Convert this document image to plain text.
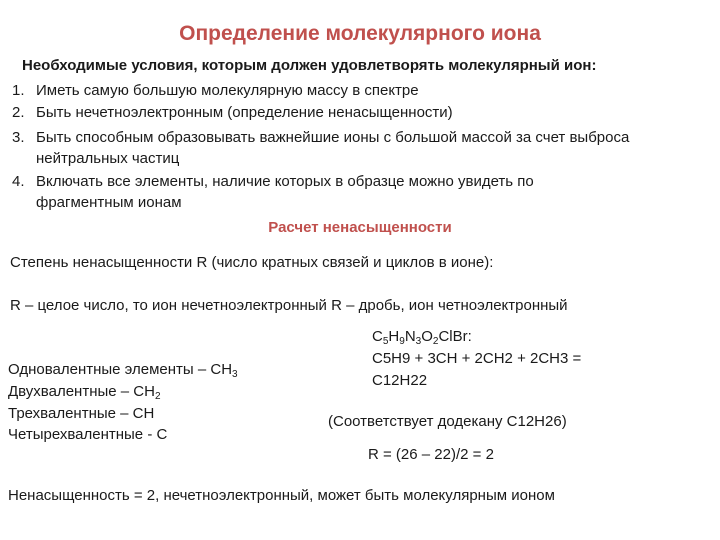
Определение молекулярного иона
Необходимые условия, которым должен удовлетворять молекулярный ион:
1. Иметь самую большую молекулярную массу в спектре
2. Быть нечетноэлектронным (определение ненасыщенности)
3. Быть способным образовывать важнейшие ионы с большой массой за счет выброса
нейтральных частиц
4. Включать все элементы, наличие которых в образце можно увидеть по
фрагментным ионам
Расчет ненасыщенности
Степень ненасыщенности R (число кратных связей и циклов в ионе):
R – целое число, то ион нечетноэлектронный R – дробь, ион четноэлектронный
$C_5H_9N_3O_2ClBr$:
C5H9 + 3CH + 2CH2 + 2CH3 =
C12H22
Одновалентные элементы – $CH_3$
Двухвалентные – $CH_2$
Трехвалентные – CH
Четырехвалентные - C
(Соответствует додекану C12H26)
R = (26 – 22)/2 = 2
Ненасыщенность = 2, нечетноэлектронный, может быть молекулярным ионом
